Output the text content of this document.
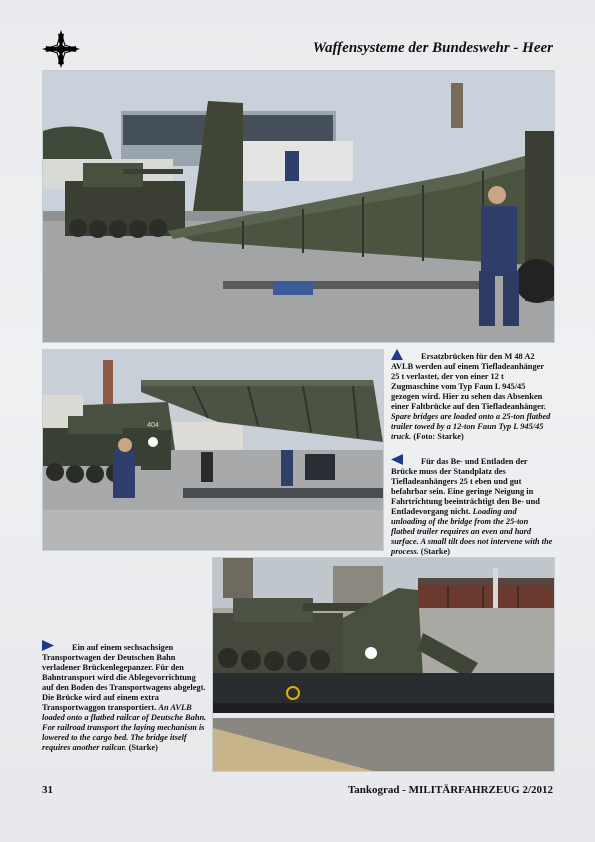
Waffensysteme der Bundeswehr - Heer
404
Ersatzbrücken für den M 48 A2 AVLB werden auf einem Tiefladeanhänger 25 t verlastet, der von einer 12 t Zugmaschine vom Typ Faun L 945/45 gezogen wird. Hier zu sehen das Absenken einer Faltbrücke auf den Tiefladeanhänger. Spare bridges are loaded onto a 25-ton flatbed trailer towed by a 12-ton Faun Typ L 945/45 truck. (Foto: Starke)
Für das Be- und Entladen der Brücke muss der Standplatz des Tiefladeanhängers 25 t eben und gut befahrbar sein. Eine geringe Neigung in Fahrtrichtung beeinträchtigt den Be- und Entladevorgang nicht. Loading and unloading of the bridge from the 25-ton flatbed trailer requires an even and hard surface. A small tilt does not intervene with the process. (Starke)
Ein auf einem sechsachsigen Transportwagen der Deutschen Bahn verladener Brückenlegepanzer. Für den Bahntransport wird die Ablegevorrichtung auf den Boden des Transportwagens abgelegt. Die Brücke wird auf einem extra Transportwaggon transportiert. An AVLB loaded onto a flatbed railcar of Deutsche Bahn. For railroad transport the laying mechanism is lowered to the cargo bed. The bridge itself requires another railcar. (Starke)
31	Tankograd - MILITÄRFAHRZEUG 2/2012
